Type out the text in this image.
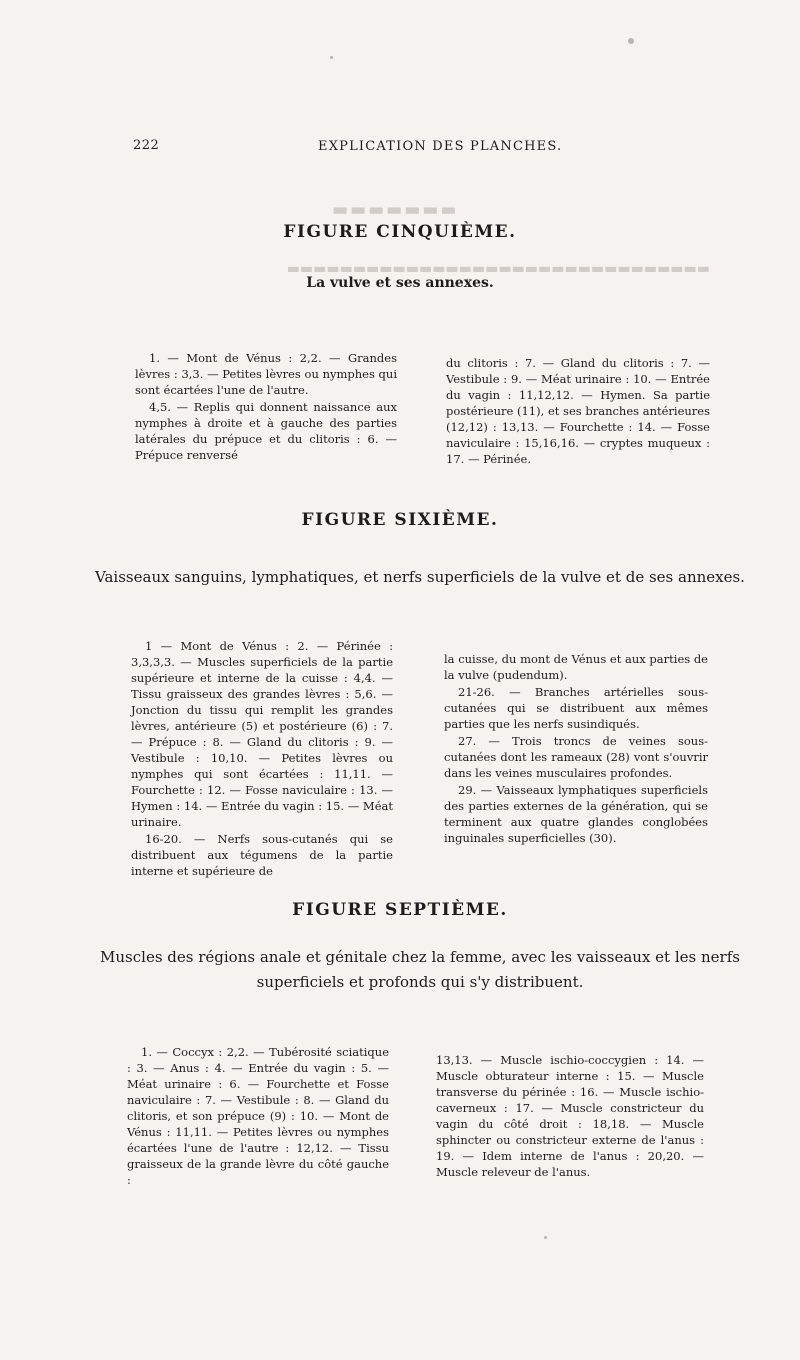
▬▬▬▬▬▬▬
▬▬▬▬▬▬▬▬▬▬▬▬▬▬▬▬▬▬▬▬▬▬▬▬▬▬▬▬▬▬▬▬
222	EXPLICATION DES PLANCHES.
FIGURE CINQUIÈME.
La vulve et ses annexes.

1. — Mont de Vénus : 2,2. — Grandes lèvres : 3,3. — Petites lèvres ou nymphes qui sont écartées l'une de l'autre.

4,5. — Replis qui donnent naissance aux nymphes à droite et à gauche des parties latérales du prépuce et du clitoris : 6. — Prépuce renversé

du clitoris : 7. — Gland du clitoris : 7. — Vestibule : 9. — Méat urinaire : 10. — Entrée du vagin : 11,12,12. — Hymen. Sa partie postérieure (11), et ses branches antérieures (12,12) : 13,13. — Fourchette : 14. — Fosse naviculaire : 15,16,16. — cryptes muqueux : 17. — Périnée.

FIGURE SIXIÈME.
Vaisseaux sanguins, lymphatiques, et nerfs superficiels de la vulve et de ses annexes.

1 — Mont de Vénus : 2. — Périnée : 3,3,3,3. — Muscles superficiels de la partie supérieure et interne de la cuisse : 4,4. — Tissu graisseux des grandes lèvres : 5,6. — Jonction du tissu qui remplit les grandes lèvres, antérieure (5) et postérieure (6) : 7. — Prépuce : 8. — Gland du clitoris : 9. — Vestibule : 10,10. — Petites lèvres ou nymphes qui sont écartées : 11,11. — Fourchette : 12. — Fosse naviculaire : 13. — Hymen : 14. — Entrée du vagin : 15. — Méat urinaire.

16-20. — Nerfs sous-cutanés qui se distribuent aux tégumens de la partie interne et supérieure de

la cuisse, du mont de Vénus et aux parties de la vulve (pudendum).

21-26. — Branches artérielles sous-cutanées qui se distribuent aux mêmes parties que les nerfs susindiqués.

27. — Trois troncs de veines sous-cutanées dont les rameaux (28) vont s'ouvrir dans les veines musculaires profondes.

29. — Vaisseaux lymphatiques superficiels des parties externes de la génération, qui se terminent aux quatre glandes conglobées inguinales superficielles (30).

FIGURE SEPTIÈME.
Muscles des régions anale et génitale chez la femme, avec les vaisseaux et les nerfs
superficiels et profonds qui s'y distribuent.

1. — Coccyx : 2,2. — Tubérosité sciatique : 3. — Anus : 4. — Entrée du vagin : 5. — Méat urinaire : 6. — Fourchette et Fosse naviculaire : 7. — Vestibule : 8. — Gland du clitoris, et son prépuce (9) : 10. — Mont de Vénus : 11,11. — Petites lèvres ou nymphes écartées l'une de l'autre : 12,12. — Tissu graisseux de la grande lèvre du côté gauche :

13,13. — Muscle ischio-coccygien : 14. — Muscle obturateur interne : 15. — Muscle transverse du périnée : 16. — Muscle ischio-caverneux : 17. — Muscle constricteur du vagin du côté droit : 18,18. — Muscle sphincter ou constricteur externe de l'anus : 19. — Idem interne de l'anus : 20,20. — Muscle releveur de l'anus.
